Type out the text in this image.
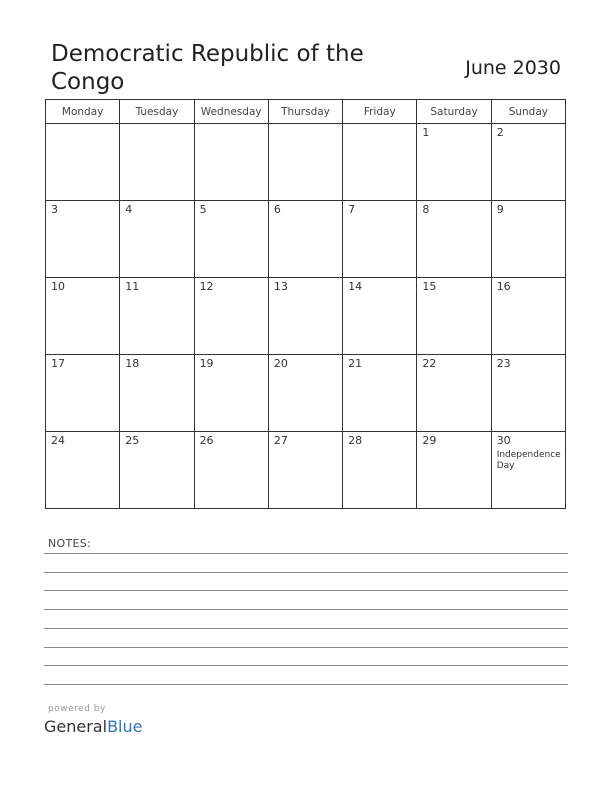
Democratic Republic of the Congo
June 2030
Monday	Tuesday	Wednesday	Thursday	Friday	Saturday	Sunday

					1	2

3	4	5	6	7	8	9

10	11	12	13	14	15	16

17	18	19	20	21	22	23

24	25	26	27	28	29	30
Independence Day
NOTES:
powered by
GeneralBlue
